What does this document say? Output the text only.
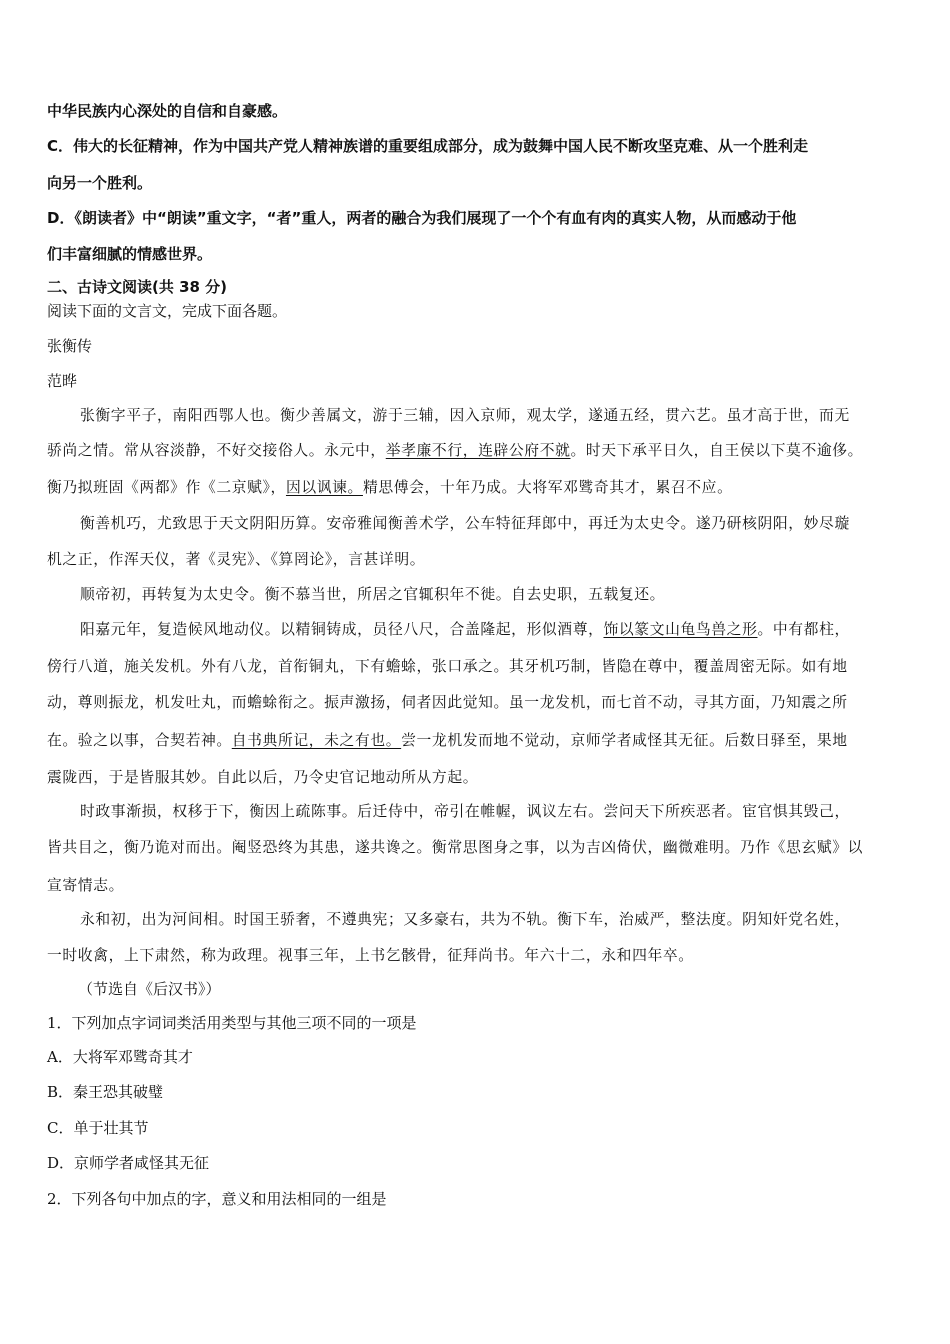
中华民族内心深处的自信和自豪感。
C．伟大的长征精神，作为中国共产党人精神族谱的重要组成部分，成为鼓舞中国人民不断攻坚克难、从一个胜利走
向另一个胜利。
D．《朗读者》中“朗读”重文字，“者”重人，两者的融合为我们展现了一个个有血有肉的真实人物，从而感动于他
们丰富细腻的情感世界。
二、古诗文阅读(共 38 分)
阅读下面的文言文，完成下面各题。
张衡传
范晔
张衡字平子，南阳西鄂人也。衡少善属文，游于三辅，因入京师，观太学，遂通五经，贯六艺。虽才高于世，而无
骄尚之情。常从容淡静，不好交接俗人。永元中，举孝廉不行，连辟公府不就。时天下承平日久，自王侯以下莫不逾侈。
衡乃拟班固《两都》作《二京赋》，因以讽谏。精思傅会，十年乃成。大将军邓骘奇其才，累召不应。
衡善机巧，尤致思于天文阴阳历算。安帝雅闻衡善术学，公车特征拜郎中，再迁为太史令。遂乃研核阴阳，妙尽璇
机之正，作浑天仪，著《灵宪》、《算罔论》，言甚详明。
顺帝初，再转复为太史令。衡不慕当世，所居之官辄积年不徙。自去史职，五载复还。
阳嘉元年，复造候风地动仪。以精铜铸成，员径八尺，合盖隆起，形似酒尊，饰以篆文山龟鸟兽之形。中有都柱，
傍行八道，施关发机。外有八龙，首衔铜丸，下有蟾蜍，张口承之。其牙机巧制，皆隐在尊中，覆盖周密无际。如有地
动，尊则振龙，机发吐丸，而蟾蜍衔之。振声激扬，伺者因此觉知。虽一龙发机，而七首不动，寻其方面，乃知震之所
在。验之以事，合契若神。自书典所记，未之有也。尝一龙机发而地不觉动，京师学者咸怪其无征。后数日驿至，果地
震陇西，于是皆服其妙。自此以后，乃令史官记地动所从方起。
时政事渐损，权移于下，衡因上疏陈事。后迁侍中，帝引在帷幄，讽议左右。尝问天下所疾恶者。宦官惧其毁己，
皆共目之，衡乃诡对而出。阉竖恐终为其患，遂共谗之。衡常思图身之事，以为吉凶倚伏，幽微难明。乃作《思玄赋》以
宣寄情志。
永和初，出为河间相。时国王骄奢，不遵典宪；又多豪右，共为不轨。衡下车，治威严，整法度。阴知奸党名姓，
一时收禽，上下肃然，称为政理。视事三年，上书乞骸骨，征拜尚书。年六十二，永和四年卒。
（节选自《后汉书》）
1．下列加点字词词类活用类型与其他三项不同的一项是
A．大将军邓骘奇其才
B．秦王恐其破璧
C．单于壮其节
D．京师学者咸怪其无征
2．下列各句中加点的字，意义和用法相同的一组是
